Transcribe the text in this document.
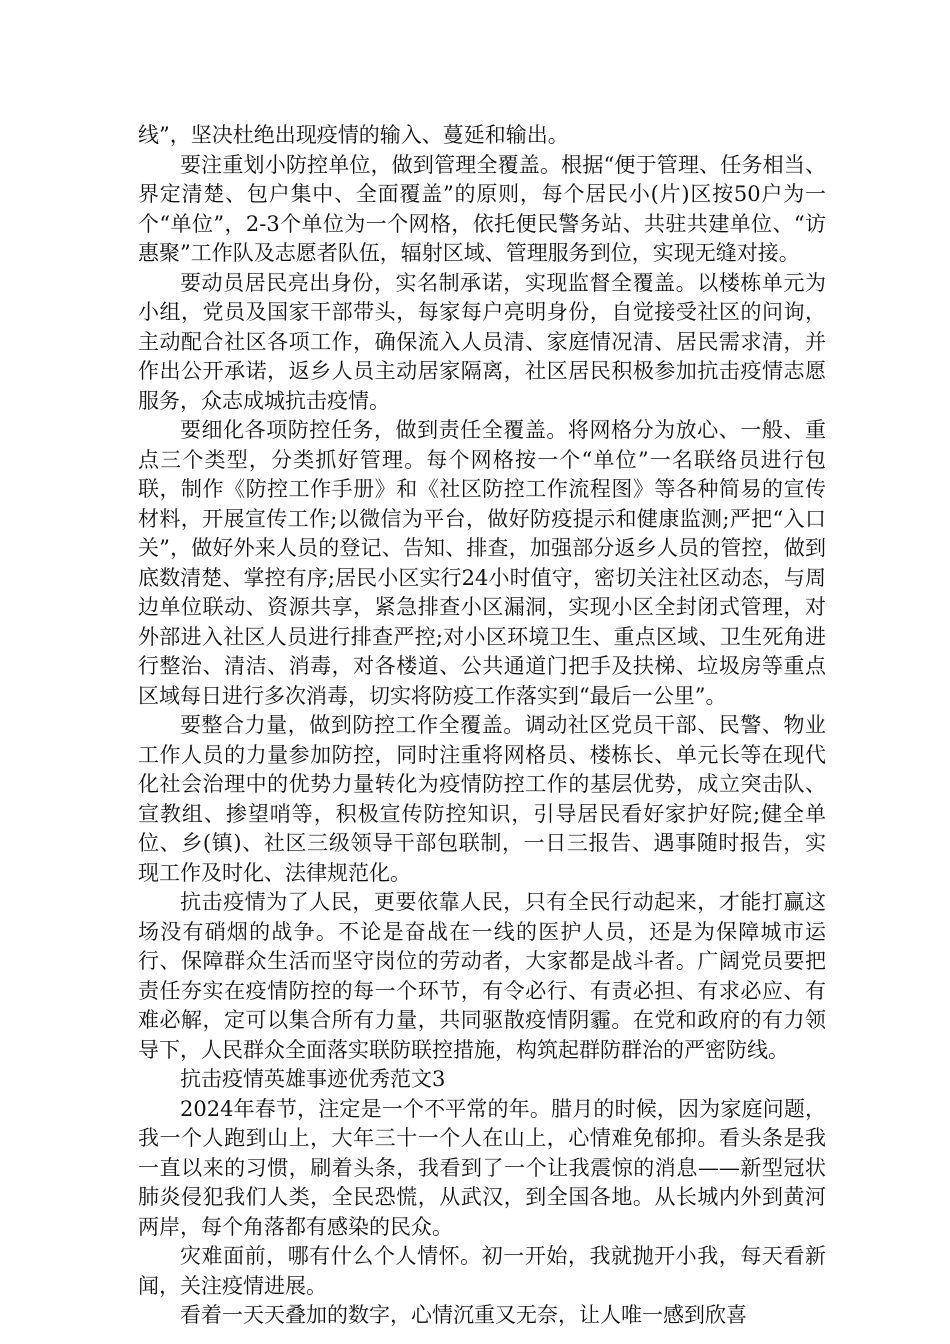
线”，坚决杜绝出现疫情的输入、蔓延和输出。

要注重划小防控单位，做到管理全覆盖。根据“便于管理、任务相当、界定清楚、包户集中、全面覆盖”的原则，每个居民小(片)区按50户为一个“单位”，2-3个单位为一个网格，依托便民警务站、共驻共建单位、“访惠聚”工作队及志愿者队伍，辐射区域、管理服务到位，实现无缝对接。

要动员居民亮出身份，实名制承诺，实现监督全覆盖。以楼栋单元为小组，党员及国家干部带头，每家每户亮明身份，自觉接受社区的问询，主动配合社区各项工作，确保流入人员清、家庭情况清、居民需求清，并作出公开承诺，返乡人员主动居家隔离，社区居民积极参加抗击疫情志愿服务，众志成城抗击疫情。

要细化各项防控任务，做到责任全覆盖。将网格分为放心、一般、重点三个类型，分类抓好管理。每个网格按一个“单位”一名联络员进行包联，制作《防控工作手册》和《社区防控工作流程图》等各种简易的宣传材料，开展宣传工作;以微信为平台，做好防疫提示和健康监测;严把“入口关”，做好外来人员的登记、告知、排查，加强部分返乡人员的管控，做到底数清楚、掌控有序;居民小区实行24小时值守，密切关注社区动态，与周边单位联动、资源共享，紧急排查小区漏洞，实现小区全封闭式管理，对外部进入社区人员进行排查严控;对小区环境卫生、重点区域、卫生死角进行整治、清洁、消毒，对各楼道、公共通道门把手及扶梯、垃圾房等重点区域每日进行多次消毒，切实将防疫工作落实到“最后一公里”。

要整合力量，做到防控工作全覆盖。调动社区党员干部、民警、物业工作人员的力量参加防控，同时注重将网格员、楼栋长、单元长等在现代化社会治理中的优势力量转化为疫情防控工作的基层优势，成立突击队、宣教组、掺望哨等，积极宣传防控知识，引导居民看好家护好院;健全单位、乡(镇)、社区三级领导干部包联制，一日三报告、遇事随时报告，实现工作及时化、法律规范化。

抗击疫情为了人民，更要依靠人民，只有全民行动起来，才能打赢这场没有硝烟的战争。不论是奋战在一线的医护人员，还是为保障城市运行、保障群众生活而坚守岗位的劳动者，大家都是战斗者。广阔党员要把责任夯实在疫情防控的每一个环节，有令必行、有责必担、有求必应、有难必解，定可以集合所有力量，共同驱散疫情阴霾。在党和政府的有力领导下，人民群众全面落实联防联控措施，构筑起群防群治的严密防线。

抗击疫情英雄事迹优秀范文3

2024年春节，注定是一个不平常的年。腊月的时候，因为家庭问题，我一个人跑到山上，大年三十一个人在山上，心情难免郁抑。看头条是我一直以来的习惯，刷着头条，我看到了一个让我震惊的消息——新型冠状肺炎侵犯我们人类，全民恐慌，从武汉，到全国各地。从长城内外到黄河两岸，每个角落都有感染的民众。

灾难面前，哪有什么个人情怀。初一开始，我就抛开小我，每天看新闻，关注疫情进展。

看着一天天叠加的数字，心情沉重又无奈，让人唯一感到欣喜
